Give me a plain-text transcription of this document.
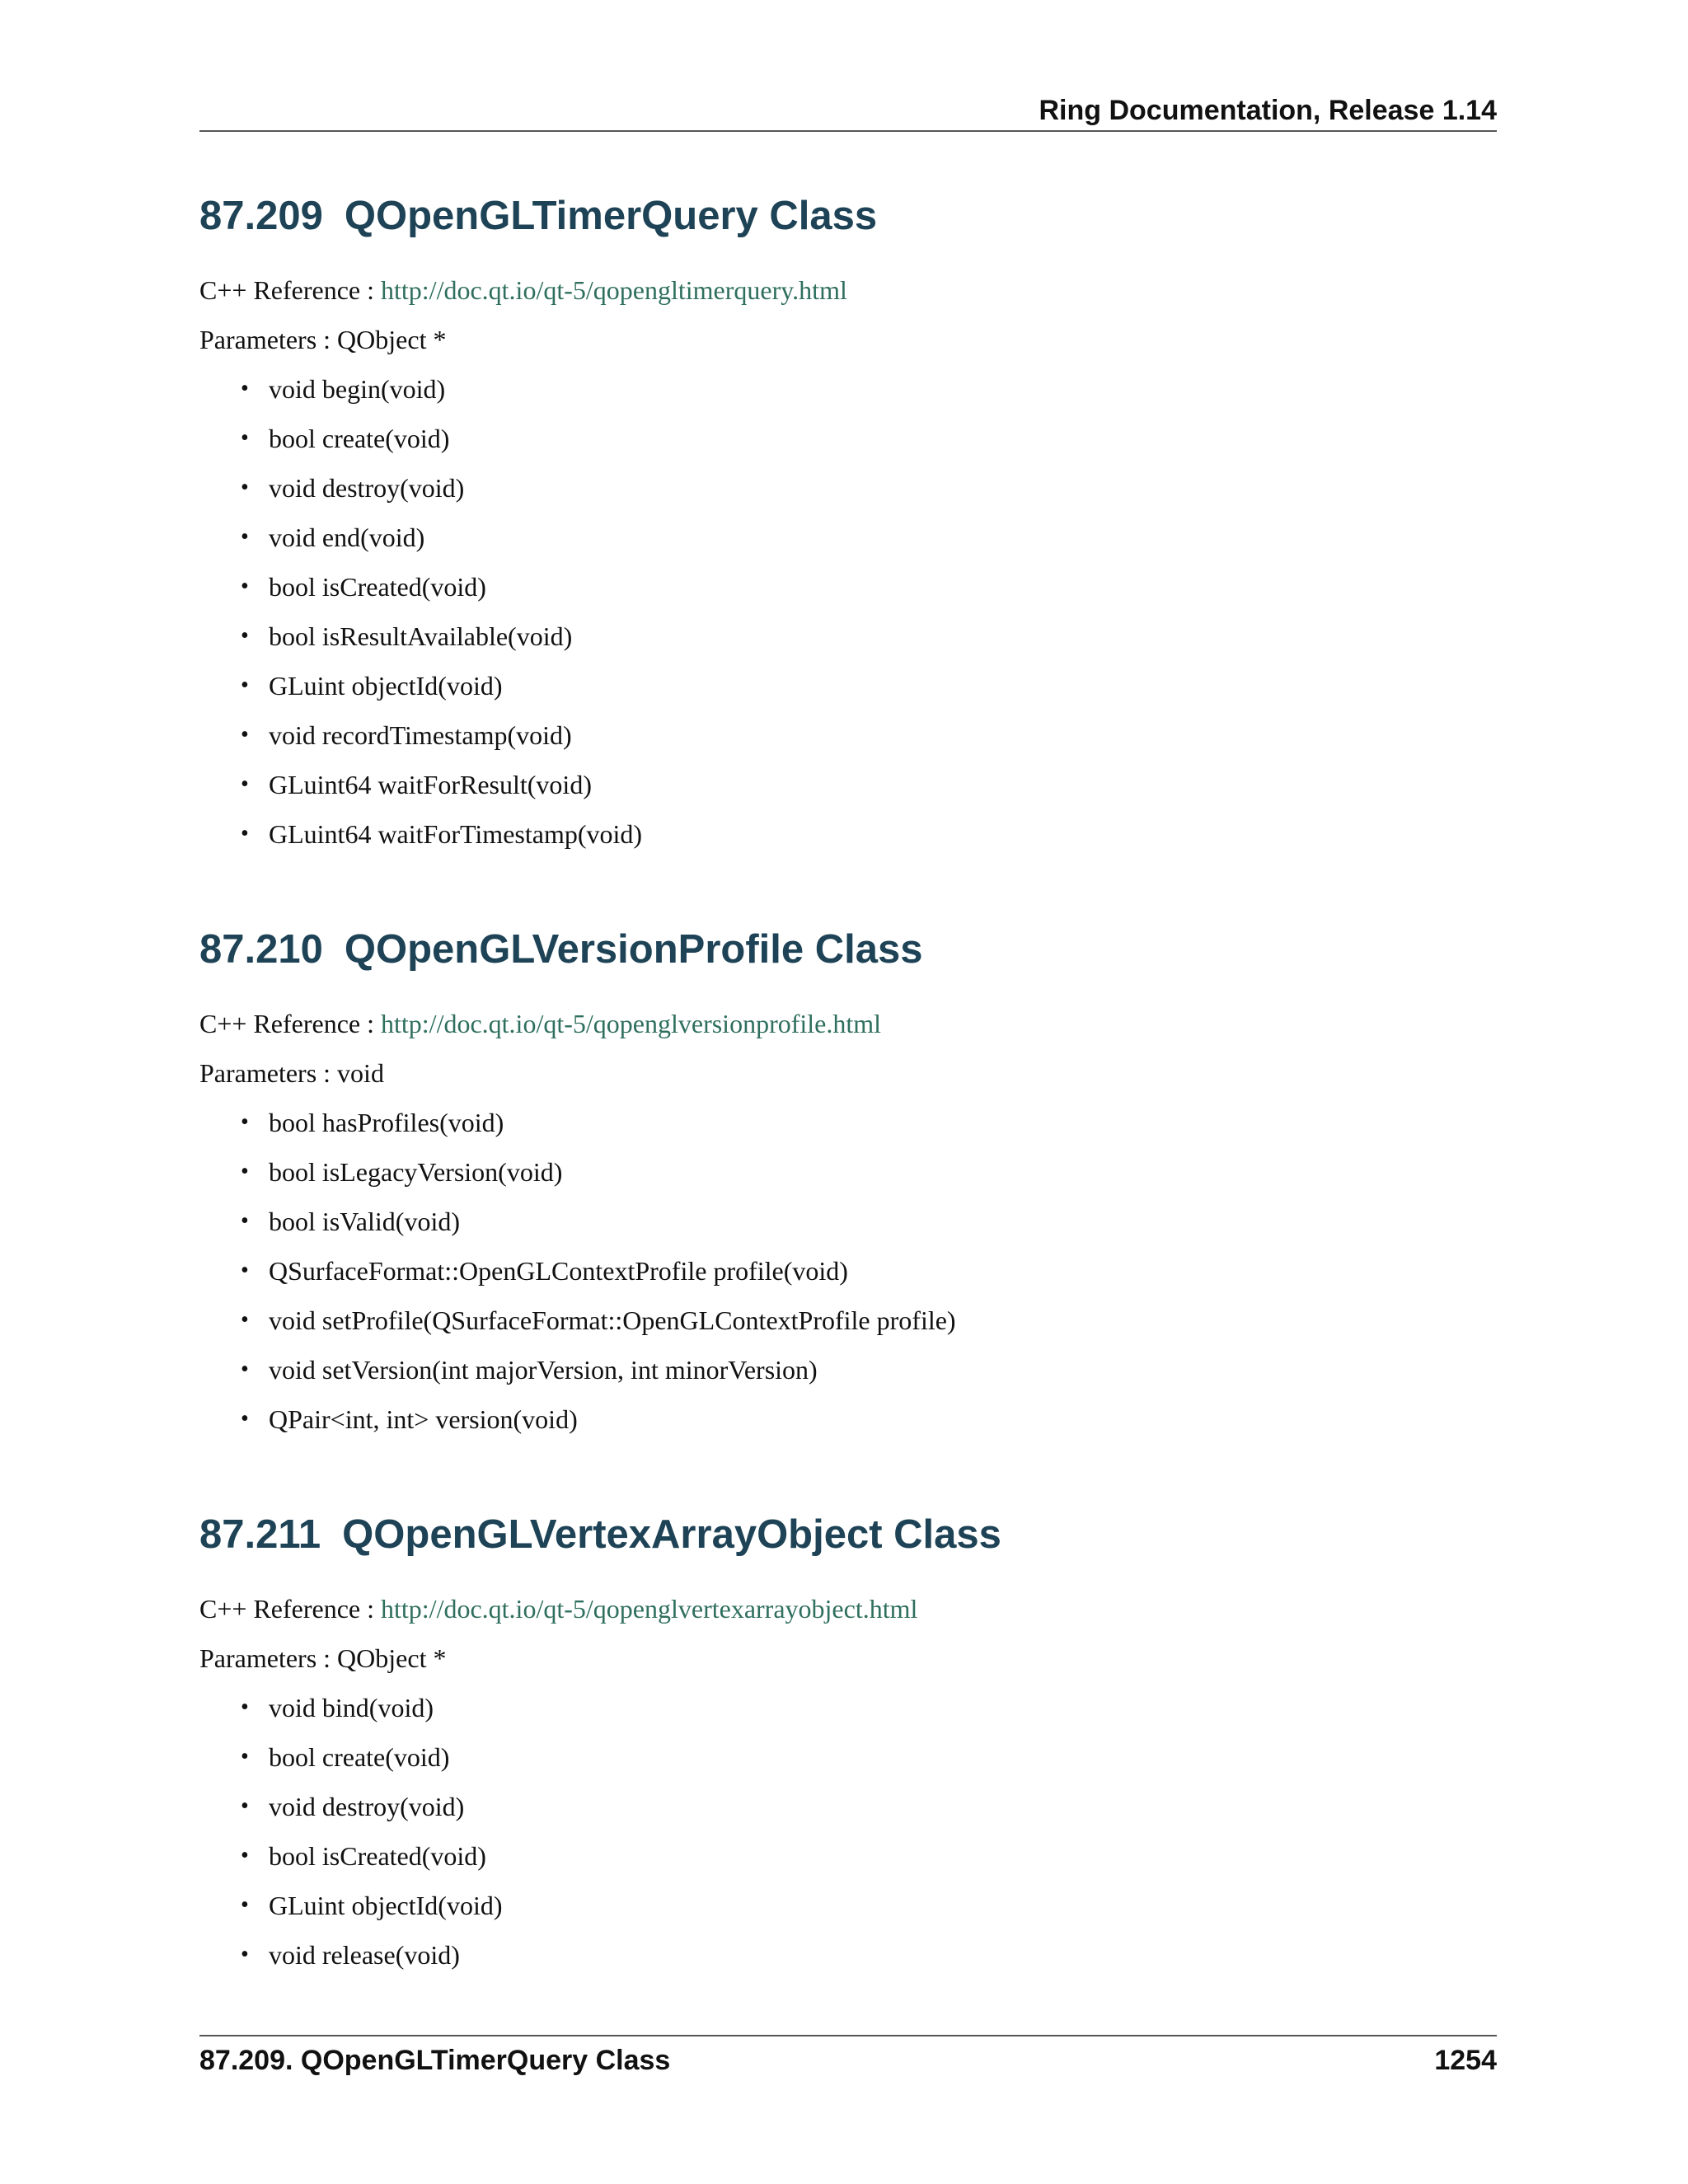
Ring Documentation, Release 1.14
87.209 QOpenGLTimerQuery Class

C++ Reference : http://doc.qt.io/qt-5/qopengltimerquery.html

Parameters : QObject *

• void begin(void)
• bool create(void)
• void destroy(void)
• void end(void)
• bool isCreated(void)
• bool isResultAvailable(void)
• GLuint objectId(void)
• void recordTimestamp(void)
• GLuint64 waitForResult(void)
• GLuint64 waitForTimestamp(void)
87.210 QOpenGLVersionProfile Class

C++ Reference : http://doc.qt.io/qt-5/qopenglversionprofile.html

Parameters : void

• bool hasProfiles(void)
• bool isLegacyVersion(void)
• bool isValid(void)
• QSurfaceFormat::OpenGLContextProfile profile(void)
• void setProfile(QSurfaceFormat::OpenGLContextProfile profile)
• void setVersion(int majorVersion, int minorVersion)
• QPair<int, int> version(void)
87.211 QOpenGLVertexArrayObject Class

C++ Reference : http://doc.qt.io/qt-5/qopenglvertexarrayobject.html

Parameters : QObject *

• void bind(void)
• bool create(void)
• void destroy(void)
• bool isCreated(void)
• GLuint objectId(void)
• void release(void)
87.209. QOpenGLTimerQuery Class	1254
